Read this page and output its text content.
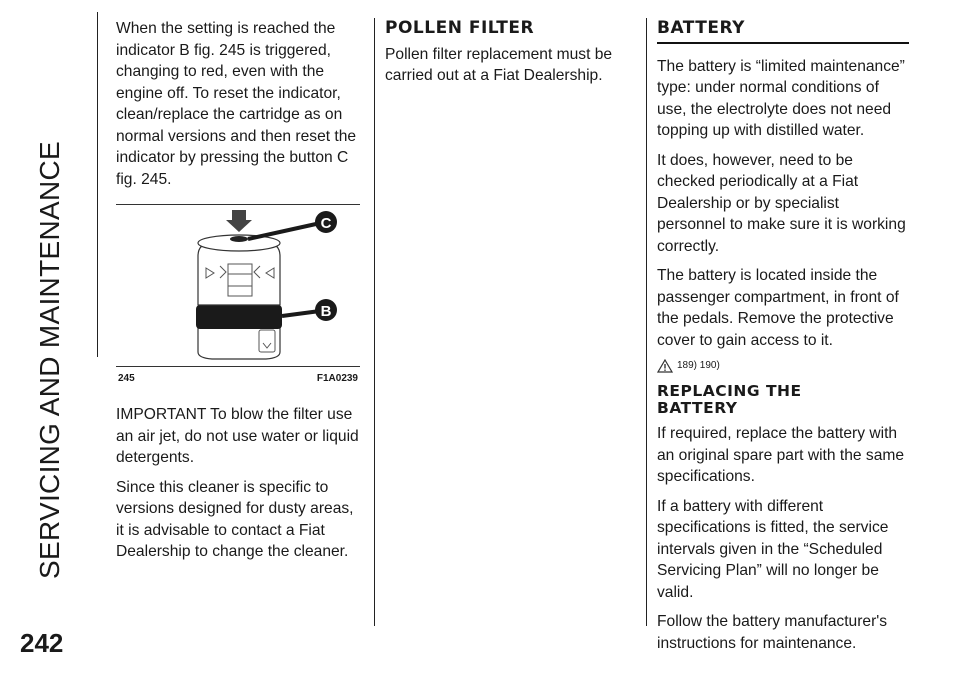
SERVICING AND MAINTENANCE
242

When the setting is reached the indicator B fig. 245 is triggered, changing to red, even with the engine off. To reset the indicator, clean/replace the cartridge as on normal versions and then reset the indicator by pressing the button C fig. 245.

C
B
245	F1A0239

IMPORTANT To blow the filter use an air jet, do not use water or liquid detergents.

Since this cleaner is specific to versions designed for dusty areas, it is advisable to contact a Fiat Dealership to change the cleaner.

POLLEN FILTER

Pollen filter replacement must be carried out at a Fiat Dealership.

BATTERY

The battery is “limited maintenance” type: under normal conditions of use, the electrolyte does not need topping up with distilled water.

It does, however, need to be checked periodically at a Fiat Dealership or by specialist personnel to make sure it is working correctly.

The battery is located inside the passenger compartment, in front of the pedals. Remove the protective cover to gain access to it.

189) 190)
REPLACING THE
BATTERY

If required, replace the battery with an original spare part with the same specifications.

If a battery with different specifications is fitted, the service intervals given in the “Scheduled Servicing Plan” will no longer be valid.

Follow the battery manufacturer's instructions for maintenance.
